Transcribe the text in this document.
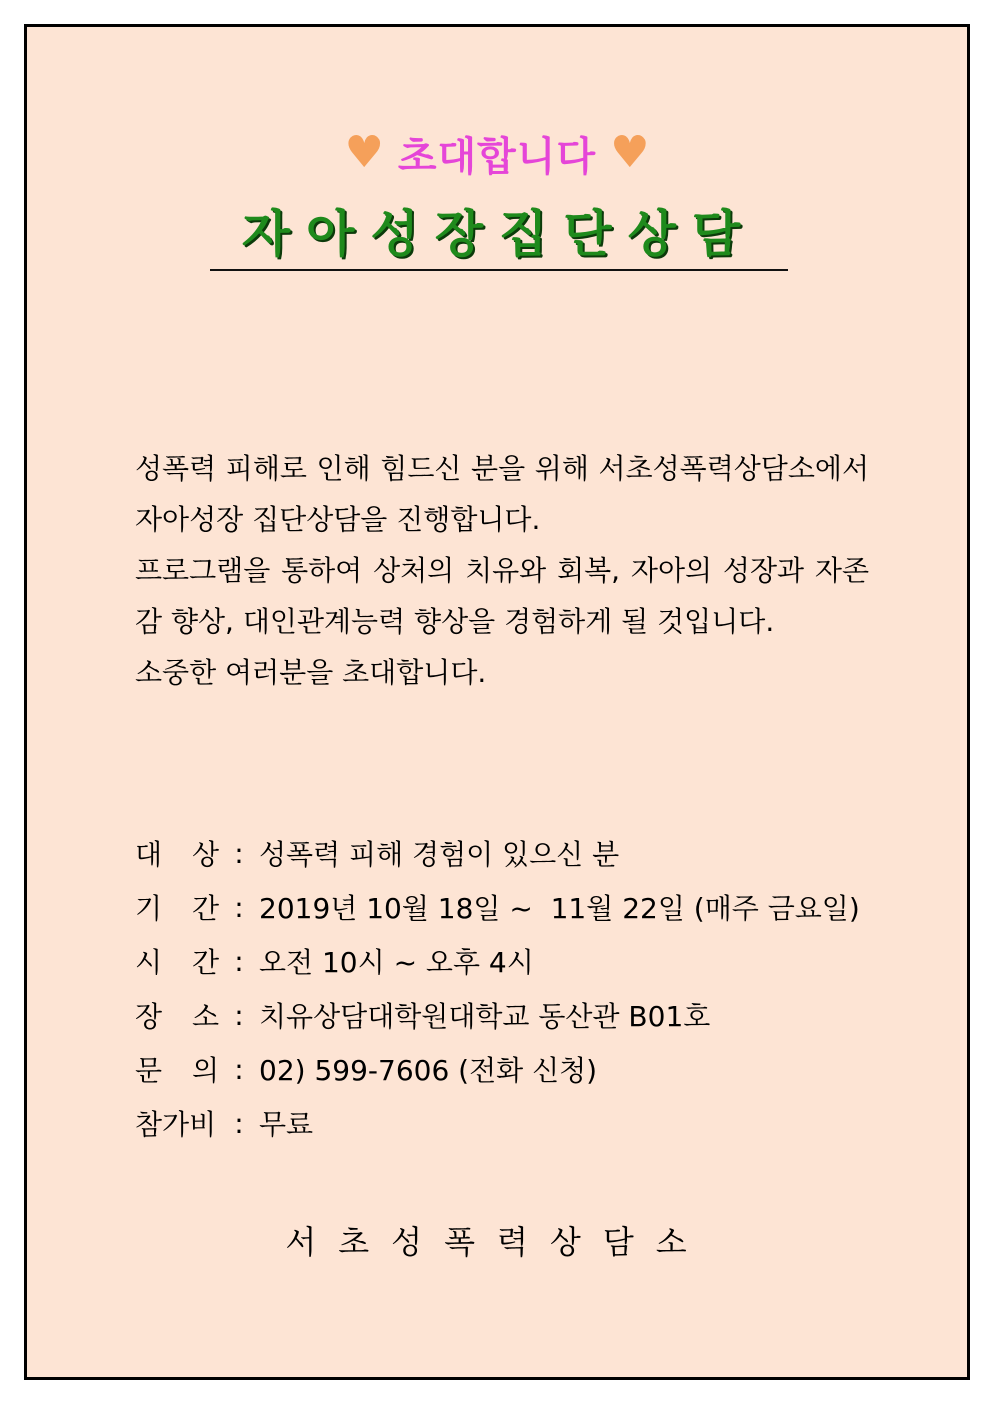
♥ 초대합니다 ♥
자아성장집단상담

성폭력 피해로 인해 힘드신 분을 위해 서초성폭력상담소에서 자아성장 집단상담을 진행합니다.

프로그램을 통하여 상처의 치유와 회복, 자아의 성장과 자존감 향상, 대인관계능력 향상을 경험하게 될 것입니다.

소중한 여러분을 초대합니다.

대 상 : 성폭력 피해 경험이 있으신 분
기 간 : 2019년 10월 18일 ~  11월 22일 (매주 금요일)
시 간 : 오전 10시 ~ 오후 4시
장 소 : 치유상담대학원대학교 동산관 B01호
문 의 : 02) 599-7606 (전화 신청)
참가비 : 무료
서초성폭력상담소
